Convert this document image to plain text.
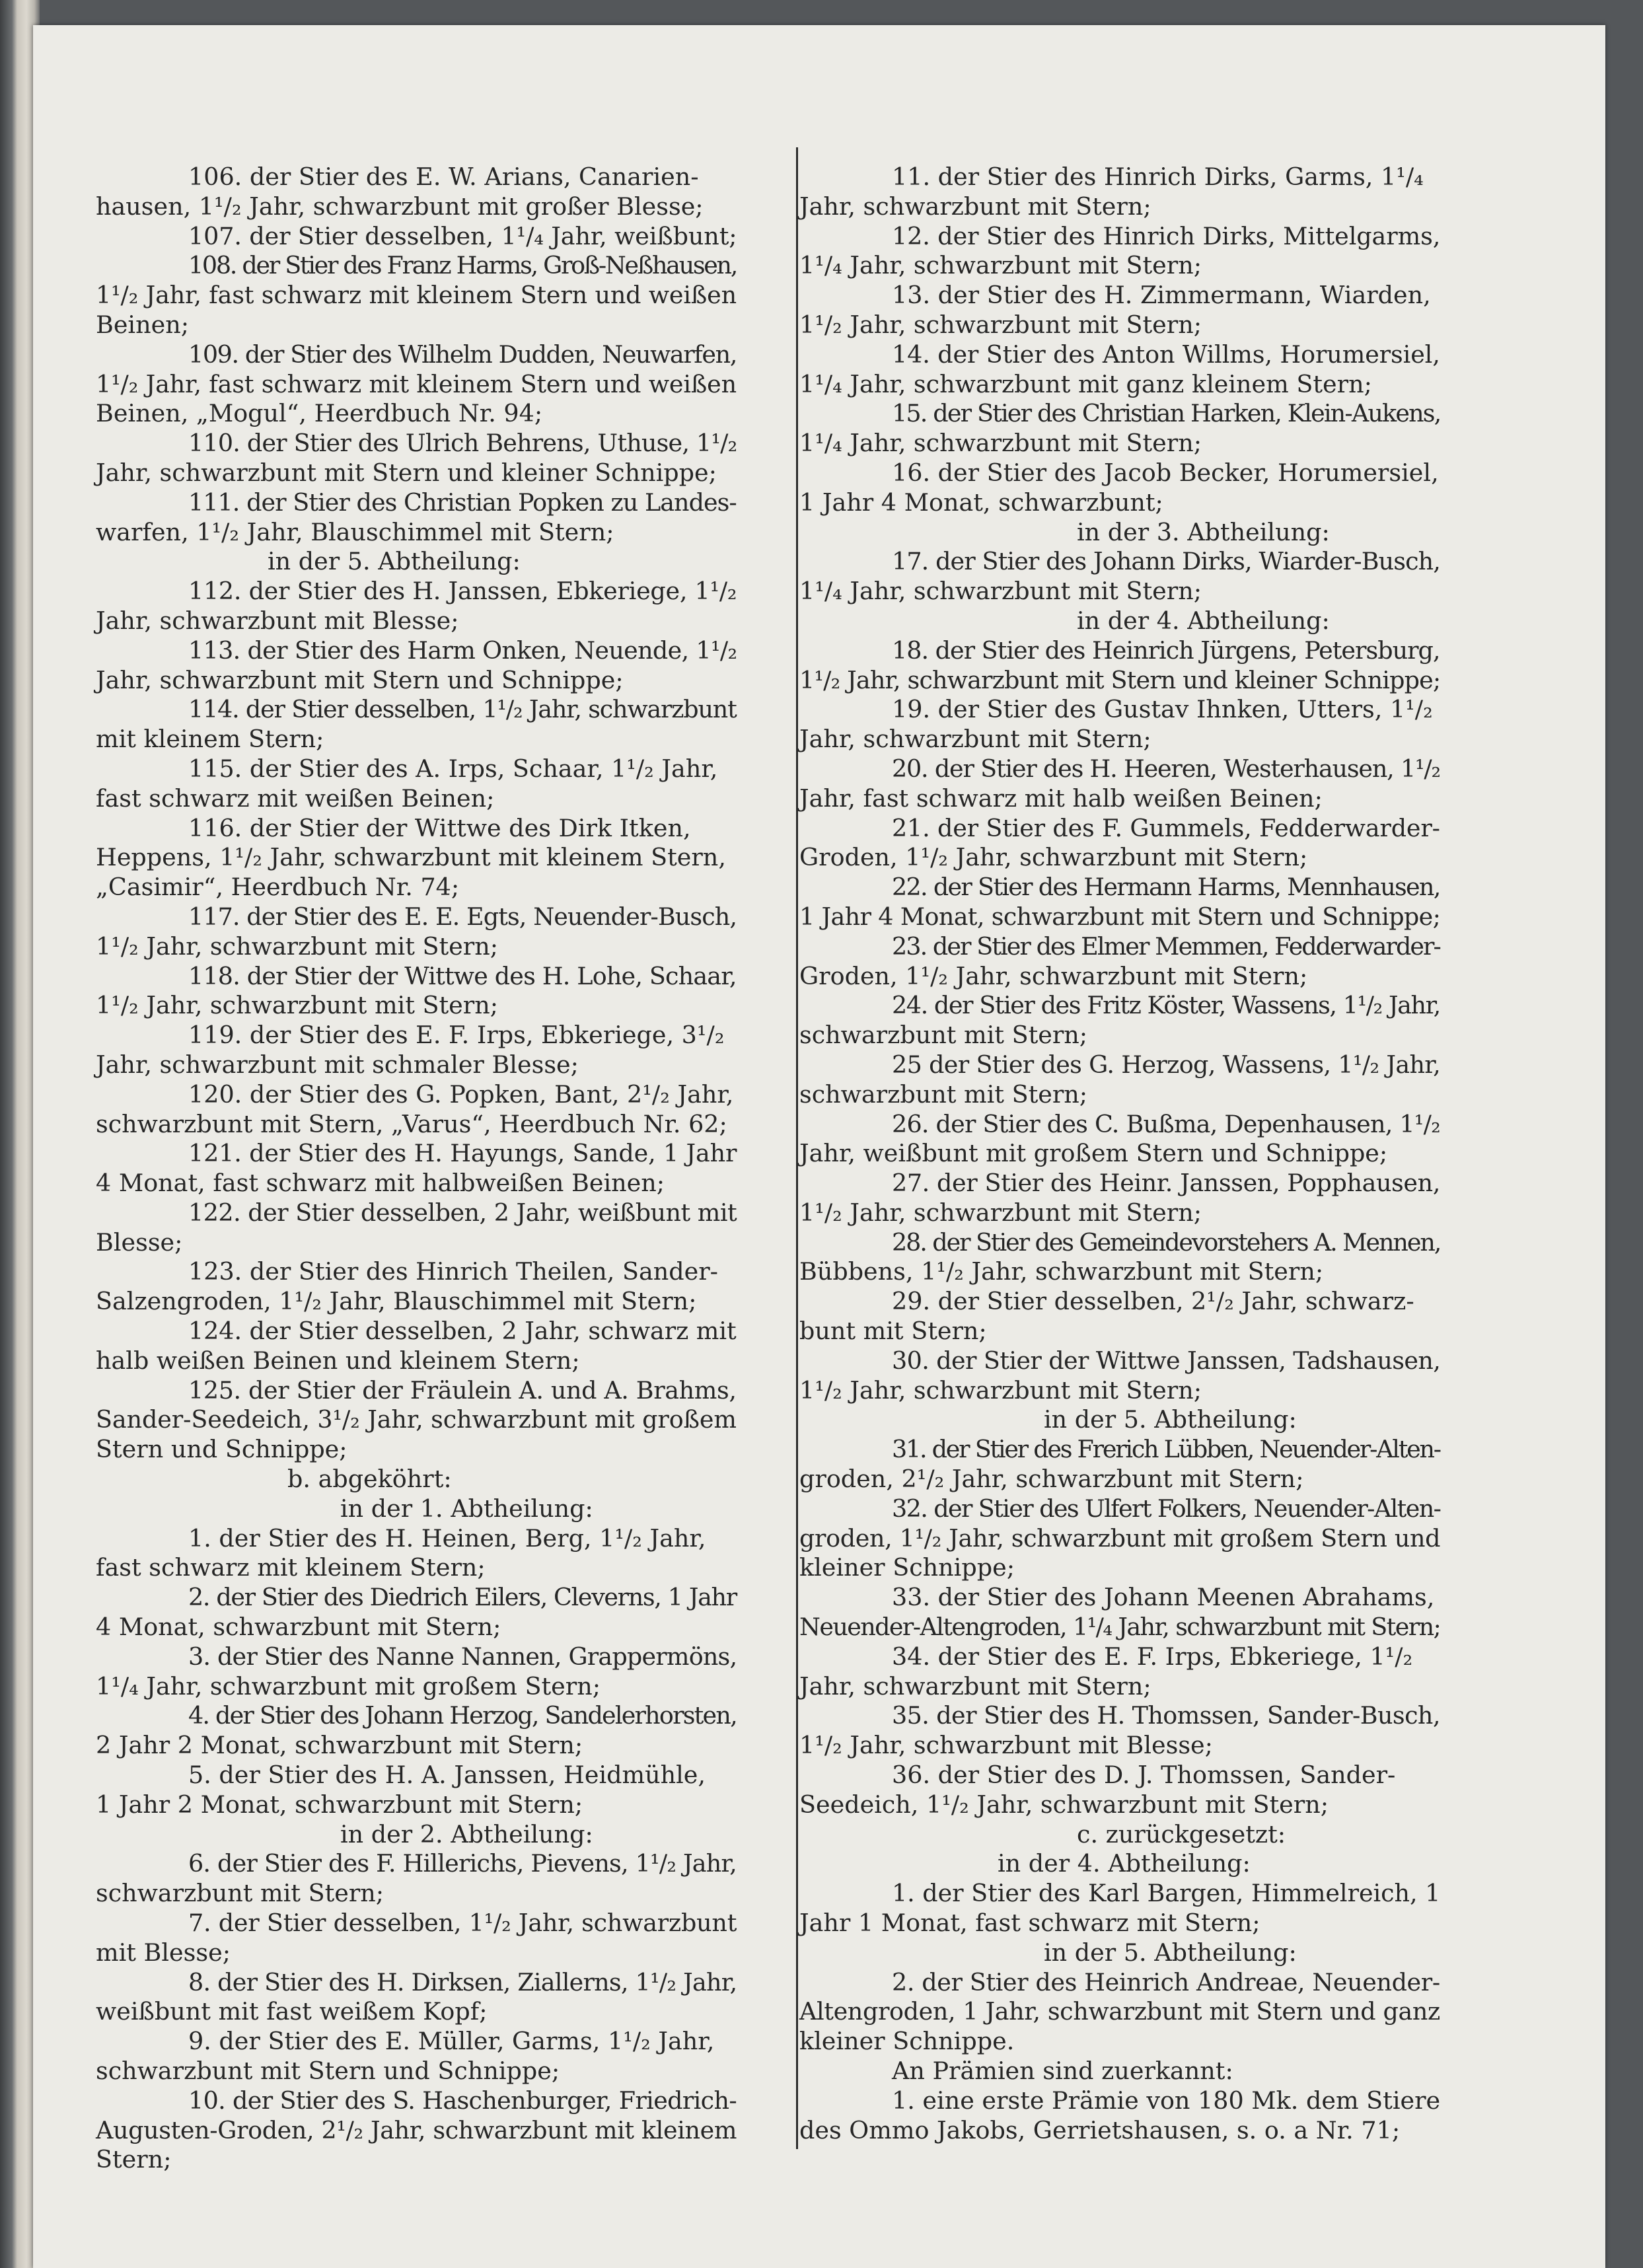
106. der Stier des E. W. Arians, Canarien-
hausen, 1¹/₂ Jahr, schwarzbunt mit großer Blesse;
107. der Stier desselben, 1¹/₄ Jahr, weißbunt;
108. der Stier des Franz Harms, Groß-Neßhausen,
1¹/₂ Jahr, fast schwarz mit kleinem Stern und weißen
Beinen;
109. der Stier des Wilhelm Dudden, Neuwarfen,
1¹/₂ Jahr, fast schwarz mit kleinem Stern und weißen
Beinen, „Mogul“, Heerdbuch Nr. 94;
110. der Stier des Ulrich Behrens, Uthuse, 1¹/₂
Jahr, schwarzbunt mit Stern und kleiner Schnippe;
111. der Stier des Christian Popken zu Landes-
warfen, 1¹/₂ Jahr, Blauschimmel mit Stern;
in der 5. Abtheilung:
112. der Stier des H. Janssen, Ebkeriege, 1¹/₂
Jahr, schwarzbunt mit Blesse;
113. der Stier des Harm Onken, Neuende, 1¹/₂
Jahr, schwarzbunt mit Stern und Schnippe;
114. der Stier desselben, 1¹/₂ Jahr, schwarzbunt
mit kleinem Stern;
115. der Stier des A. Irps, Schaar, 1¹/₂ Jahr,
fast schwarz mit weißen Beinen;
116. der Stier der Wittwe des Dirk Itken,
Heppens, 1¹/₂ Jahr, schwarzbunt mit kleinem Stern,
„Casimir“, Heerdbuch Nr. 74;
117. der Stier des E. E. Egts, Neuender-Busch,
1¹/₂ Jahr, schwarzbunt mit Stern;
118. der Stier der Wittwe des H. Lohe, Schaar,
1¹/₂ Jahr, schwarzbunt mit Stern;
119. der Stier des E. F. Irps, Ebkeriege, 3¹/₂
Jahr, schwarzbunt mit schmaler Blesse;
120. der Stier des G. Popken, Bant, 2¹/₂ Jahr,
schwarzbunt mit Stern, „Varus“, Heerdbuch Nr. 62;
121. der Stier des H. Hayungs, Sande, 1 Jahr
4 Monat, fast schwarz mit halbweißen Beinen;
122. der Stier desselben, 2 Jahr, weißbunt mit
Blesse;
123. der Stier des Hinrich Theilen, Sander-
Salzengroden, 1¹/₂ Jahr, Blauschimmel mit Stern;
124. der Stier desselben, 2 Jahr, schwarz mit
halb weißen Beinen und kleinem Stern;
125. der Stier der Fräulein A. und A. Brahms,
Sander-Seedeich, 3¹/₂ Jahr, schwarzbunt mit großem
Stern und Schnippe;
b. abgeköhrt:
in der 1. Abtheilung:
1. der Stier des H. Heinen, Berg, 1¹/₂ Jahr,
fast schwarz mit kleinem Stern;
2. der Stier des Diedrich Eilers, Cleverns, 1 Jahr
4 Monat, schwarzbunt mit Stern;
3. der Stier des Nanne Nannen, Grappermöns,
1¹/₄ Jahr, schwarzbunt mit großem Stern;
4. der Stier des Johann Herzog, Sandelerhorsten,
2 Jahr 2 Monat, schwarzbunt mit Stern;
5. der Stier des H. A. Janssen, Heidmühle,
1 Jahr 2 Monat, schwarzbunt mit Stern;
in der 2. Abtheilung:
6. der Stier des F. Hillerichs, Pievens, 1¹/₂ Jahr,
schwarzbunt mit Stern;
7. der Stier desselben, 1¹/₂ Jahr, schwarzbunt
mit Blesse;
8. der Stier des H. Dirksen, Ziallerns, 1¹/₂ Jahr,
weißbunt mit fast weißem Kopf;
9. der Stier des E. Müller, Garms, 1¹/₂ Jahr,
schwarzbunt mit Stern und Schnippe;
10. der Stier des S. Haschenburger, Friedrich-
Augusten-Groden, 2¹/₂ Jahr, schwarzbunt mit kleinem
Stern;
11. der Stier des Hinrich Dirks, Garms, 1¹/₄
Jahr, schwarzbunt mit Stern;
12. der Stier des Hinrich Dirks, Mittelgarms,
1¹/₄ Jahr, schwarzbunt mit Stern;
13. der Stier des H. Zimmermann, Wiarden,
1¹/₂ Jahr, schwarzbunt mit Stern;
14. der Stier des Anton Willms, Horumersiel,
1¹/₄ Jahr, schwarzbunt mit ganz kleinem Stern;
15. der Stier des Christian Harken, Klein-Aukens,
1¹/₄ Jahr, schwarzbunt mit Stern;
16. der Stier des Jacob Becker, Horumersiel,
1 Jahr 4 Monat, schwarzbunt;
in der 3. Abtheilung:
17. der Stier des Johann Dirks, Wiarder-Busch,
1¹/₄ Jahr, schwarzbunt mit Stern;
in der 4. Abtheilung:
18. der Stier des Heinrich Jürgens, Petersburg,
1¹/₂ Jahr, schwarzbunt mit Stern und kleiner Schnippe;
19. der Stier des Gustav Ihnken, Utters, 1¹/₂
Jahr, schwarzbunt mit Stern;
20. der Stier des H. Heeren, Westerhausen, 1¹/₂
Jahr, fast schwarz mit halb weißen Beinen;
21. der Stier des F. Gummels, Fedderwarder-
Groden, 1¹/₂ Jahr, schwarzbunt mit Stern;
22. der Stier des Hermann Harms, Mennhausen,
1 Jahr 4 Monat, schwarzbunt mit Stern und Schnippe;
23. der Stier des Elmer Memmen, Fedderwarder-
Groden, 1¹/₂ Jahr, schwarzbunt mit Stern;
24. der Stier des Fritz Köster, Wassens, 1¹/₂ Jahr,
schwarzbunt mit Stern;
25 der Stier des G. Herzog, Wassens, 1¹/₂ Jahr,
schwarzbunt mit Stern;
26. der Stier des C. Bußma, Depenhausen, 1¹/₂
Jahr, weißbunt mit großem Stern und Schnippe;
27. der Stier des Heinr. Janssen, Popphausen,
1¹/₂ Jahr, schwarzbunt mit Stern;
28. der Stier des Gemeindevorstehers A. Mennen,
Bübbens, 1¹/₂ Jahr, schwarzbunt mit Stern;
29. der Stier desselben, 2¹/₂ Jahr, schwarz-
bunt mit Stern;
30. der Stier der Wittwe Janssen, Tadshausen,
1¹/₂ Jahr, schwarzbunt mit Stern;
in der 5. Abtheilung:
31. der Stier des Frerich Lübben, Neuender-Alten-
groden, 2¹/₂ Jahr, schwarzbunt mit Stern;
32. der Stier des Ulfert Folkers, Neuender-Alten-
groden, 1¹/₂ Jahr, schwarzbunt mit großem Stern und
kleiner Schnippe;
33. der Stier des Johann Meenen Abrahams,
Neuender-Altengroden, 1¹/₄ Jahr, schwarzbunt mit Stern;
34. der Stier des E. F. Irps, Ebkeriege, 1¹/₂
Jahr, schwarzbunt mit Stern;
35. der Stier des H. Thomssen, Sander-Busch,
1¹/₂ Jahr, schwarzbunt mit Blesse;
36. der Stier des D. J. Thomssen, Sander-
Seedeich, 1¹/₂ Jahr, schwarzbunt mit Stern;
c. zurückgesetzt:
in der 4. Abtheilung:
1. der Stier des Karl Bargen, Himmelreich, 1
Jahr 1 Monat, fast schwarz mit Stern;
in der 5. Abtheilung:
2. der Stier des Heinrich Andreae, Neuender-
Altengroden, 1 Jahr, schwarzbunt mit Stern und ganz
kleiner Schnippe.
An Prämien sind zuerkannt:
1. eine erste Prämie von 180 Mk. dem Stiere
des Ommo Jakobs, Gerrietshausen, s. o. a Nr. 71;
